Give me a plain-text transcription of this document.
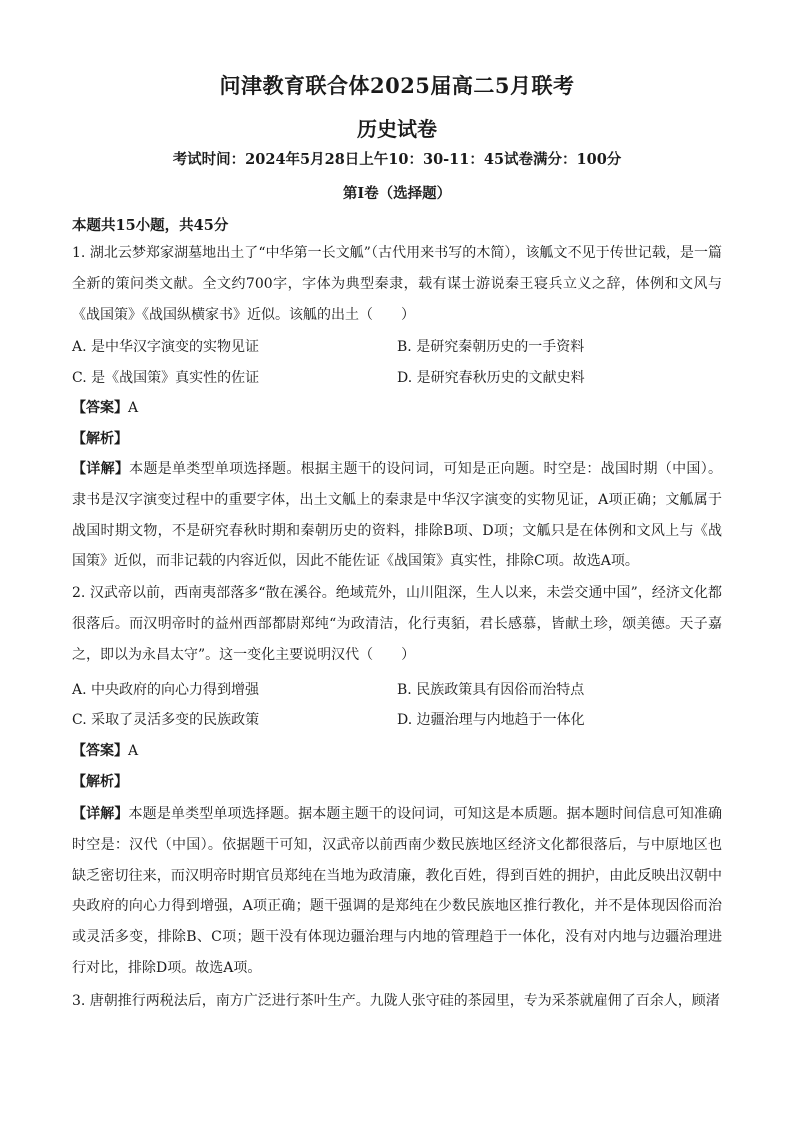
问津教育联合体2025届高二5月联考
历史试卷
考试时间：2024年5月28日上午10：30-11：45试卷满分：100分
第Ⅰ卷（选择题）
本题共15小题，共45分

1. 湖北云梦郑家湖墓地出土了“中华第一长文觚”（古代用来书写的木简），该觚文不见于传世记载，是一篇全新的策问类文献。全文约700字，字体为典型秦隶，载有谋士游说秦王寝兵立义之辞，体例和文风与《战国策》《战国纵横家书》近似。该觚的出土（　　）

A. 是中华汉字演变的实物见证	B. 是研究秦朝历史的一手资料
C. 是《战国策》真实性的佐证	D. 是研究春秋历史的文献史料
【答案】A
【解析】

【详解】本题是单类型单项选择题。根据主题干的设问词，可知是正向题。时空是：战国时期（中国）。隶书是汉字演变过程中的重要字体，出土文觚上的秦隶是中华汉字演变的实物见证，A项正确；文觚属于战国时期文物，不是研究春秋时期和秦朝历史的资料，排除B项、D项；文觚只是在体例和文风上与《战国策》近似，而非记载的内容近似，因此不能佐证《战国策》真实性，排除C项。故选A项。

2. 汉武帝以前，西南夷部落多“散在溪谷。绝域荒外，山川阻深，生人以来，未尝交通中国”，经济文化都很落后。而汉明帝时的益州西部都尉郑纯“为政清洁，化行夷貊，君长感慕，皆献土珍，颂美德。天子嘉之，即以为永昌太守”。这一变化主要说明汉代（　　）

A. 中央政府的向心力得到增强	B. 民族政策具有因俗而治特点
C. 采取了灵活多变的民族政策	D. 边疆治理与内地趋于一体化
【答案】A
【解析】

【详解】本题是单类型单项选择题。据本题主题干的设问词，可知这是本质题。据本题时间信息可知准确时空是：汉代（中国）。依据题干可知，汉武帝以前西南少数民族地区经济文化都很落后，与中原地区也缺乏密切往来，而汉明帝时期官员郑纯在当地为政清廉，教化百姓，得到百姓的拥护，由此反映出汉朝中央政府的向心力得到增强，A项正确；题干强调的是郑纯在少数民族地区推行教化，并不是体现因俗而治或灵活多变，排除B、C项；题干没有体现边疆治理与内地的管理趋于一体化，没有对内地与边疆治理进行对比，排除D项。故选A项。

3. 唐朝推行两税法后，南方广泛进行茶叶生产。九陇人张守硅的茶园里，专为采茶就雇佣了百余人，顾渚
